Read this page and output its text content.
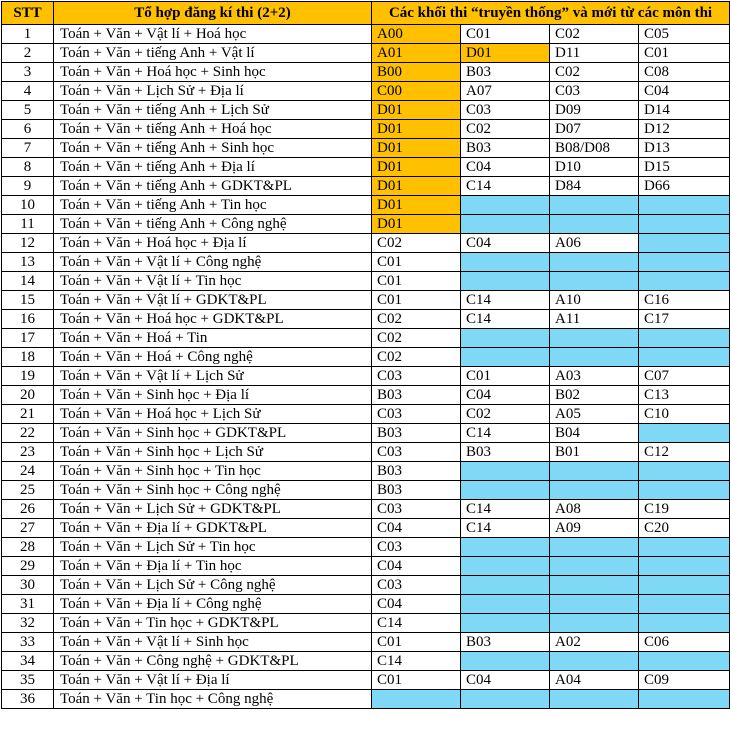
STT	Tổ hợp đăng kí thi (2+2)	Các khối thi “truyền thống” và mới từ các môn thi			
1	Toán + Văn + Vật lí + Hoá học	A00	C01	C02	C05
2	Toán + Văn + tiếng Anh + Vật lí	A01	D01	D11	C01
3	Toán + Văn + Hoá học + Sinh học	B00	B03	C02	C08
4	Toán + Văn + Lịch Sử + Địa lí	C00	A07	C03	C04
5	Toán + Văn + tiếng Anh + Lịch Sử	D01	C03	D09	D14
6	Toán + Văn + tiếng Anh + Hoá học	D01	C02	D07	D12
7	Toán + Văn + tiếng Anh + Sinh học	D01	B03	B08/D08	D13
8	Toán + Văn + tiếng Anh + Địa lí	D01	C04	D10	D15
9	Toán + Văn + tiếng Anh + GDKT&PL	D01	C14	D84	D66
10	Toán + Văn + tiếng Anh + Tin học	D01			
11	Toán + Văn + tiếng Anh + Công nghệ	D01			
12	Toán + Văn + Hoá học + Địa lí	C02	C04	A06	
13	Toán + Văn + Vật lí + Công nghệ	C01			
14	Toán + Văn + Vật lí + Tin học	C01			
15	Toán + Văn + Vật lí + GDKT&PL	C01	C14	A10	C16
16	Toán + Văn + Hoá học + GDKT&PL	C02	C14	A11	C17
17	Toán + Văn + Hoá + Tin	C02			
18	Toán + Văn + Hoá + Công nghệ	C02			
19	Toán + Văn + Vật lí + Lịch Sử	C03	C01	A03	C07
20	Toán + Văn + Sinh học + Địa lí	B03	C04	B02	C13
21	Toán + Văn + Hoá học + Lịch Sử	C03	C02	A05	C10
22	Toán + Văn + Sinh học + GDKT&PL	B03	C14	B04	
23	Toán + Văn + Sinh học + Lịch Sử	C03	B03	B01	C12
24	Toán + Văn + Sinh học + Tin học	B03			
25	Toán + Văn + Sinh học + Công nghệ	B03			
26	Toán + Văn + Lịch Sử + GDKT&PL	C03	C14	A08	C19
27	Toán + Văn + Địa lí + GDKT&PL	C04	C14	A09	C20
28	Toán + Văn + Lịch Sử + Tin học	C03			
29	Toán + Văn + Địa lí + Tin học	C04			
30	Toán + Văn + Lịch Sử + Công nghệ	C03			
31	Toán + Văn + Địa lí + Công nghệ	C04			
32	Toán + Văn + Tin học + GDKT&PL	C14			
33	Toán + Văn + Vật lí + Sinh học	C01	B03	A02	C06
34	Toán + Văn + Công nghệ + GDKT&PL	C14			
35	Toán + Văn + Vật lí + Địa lí	C01	C04	A04	C09
36	Toán + Văn + Tin học + Công nghệ				
